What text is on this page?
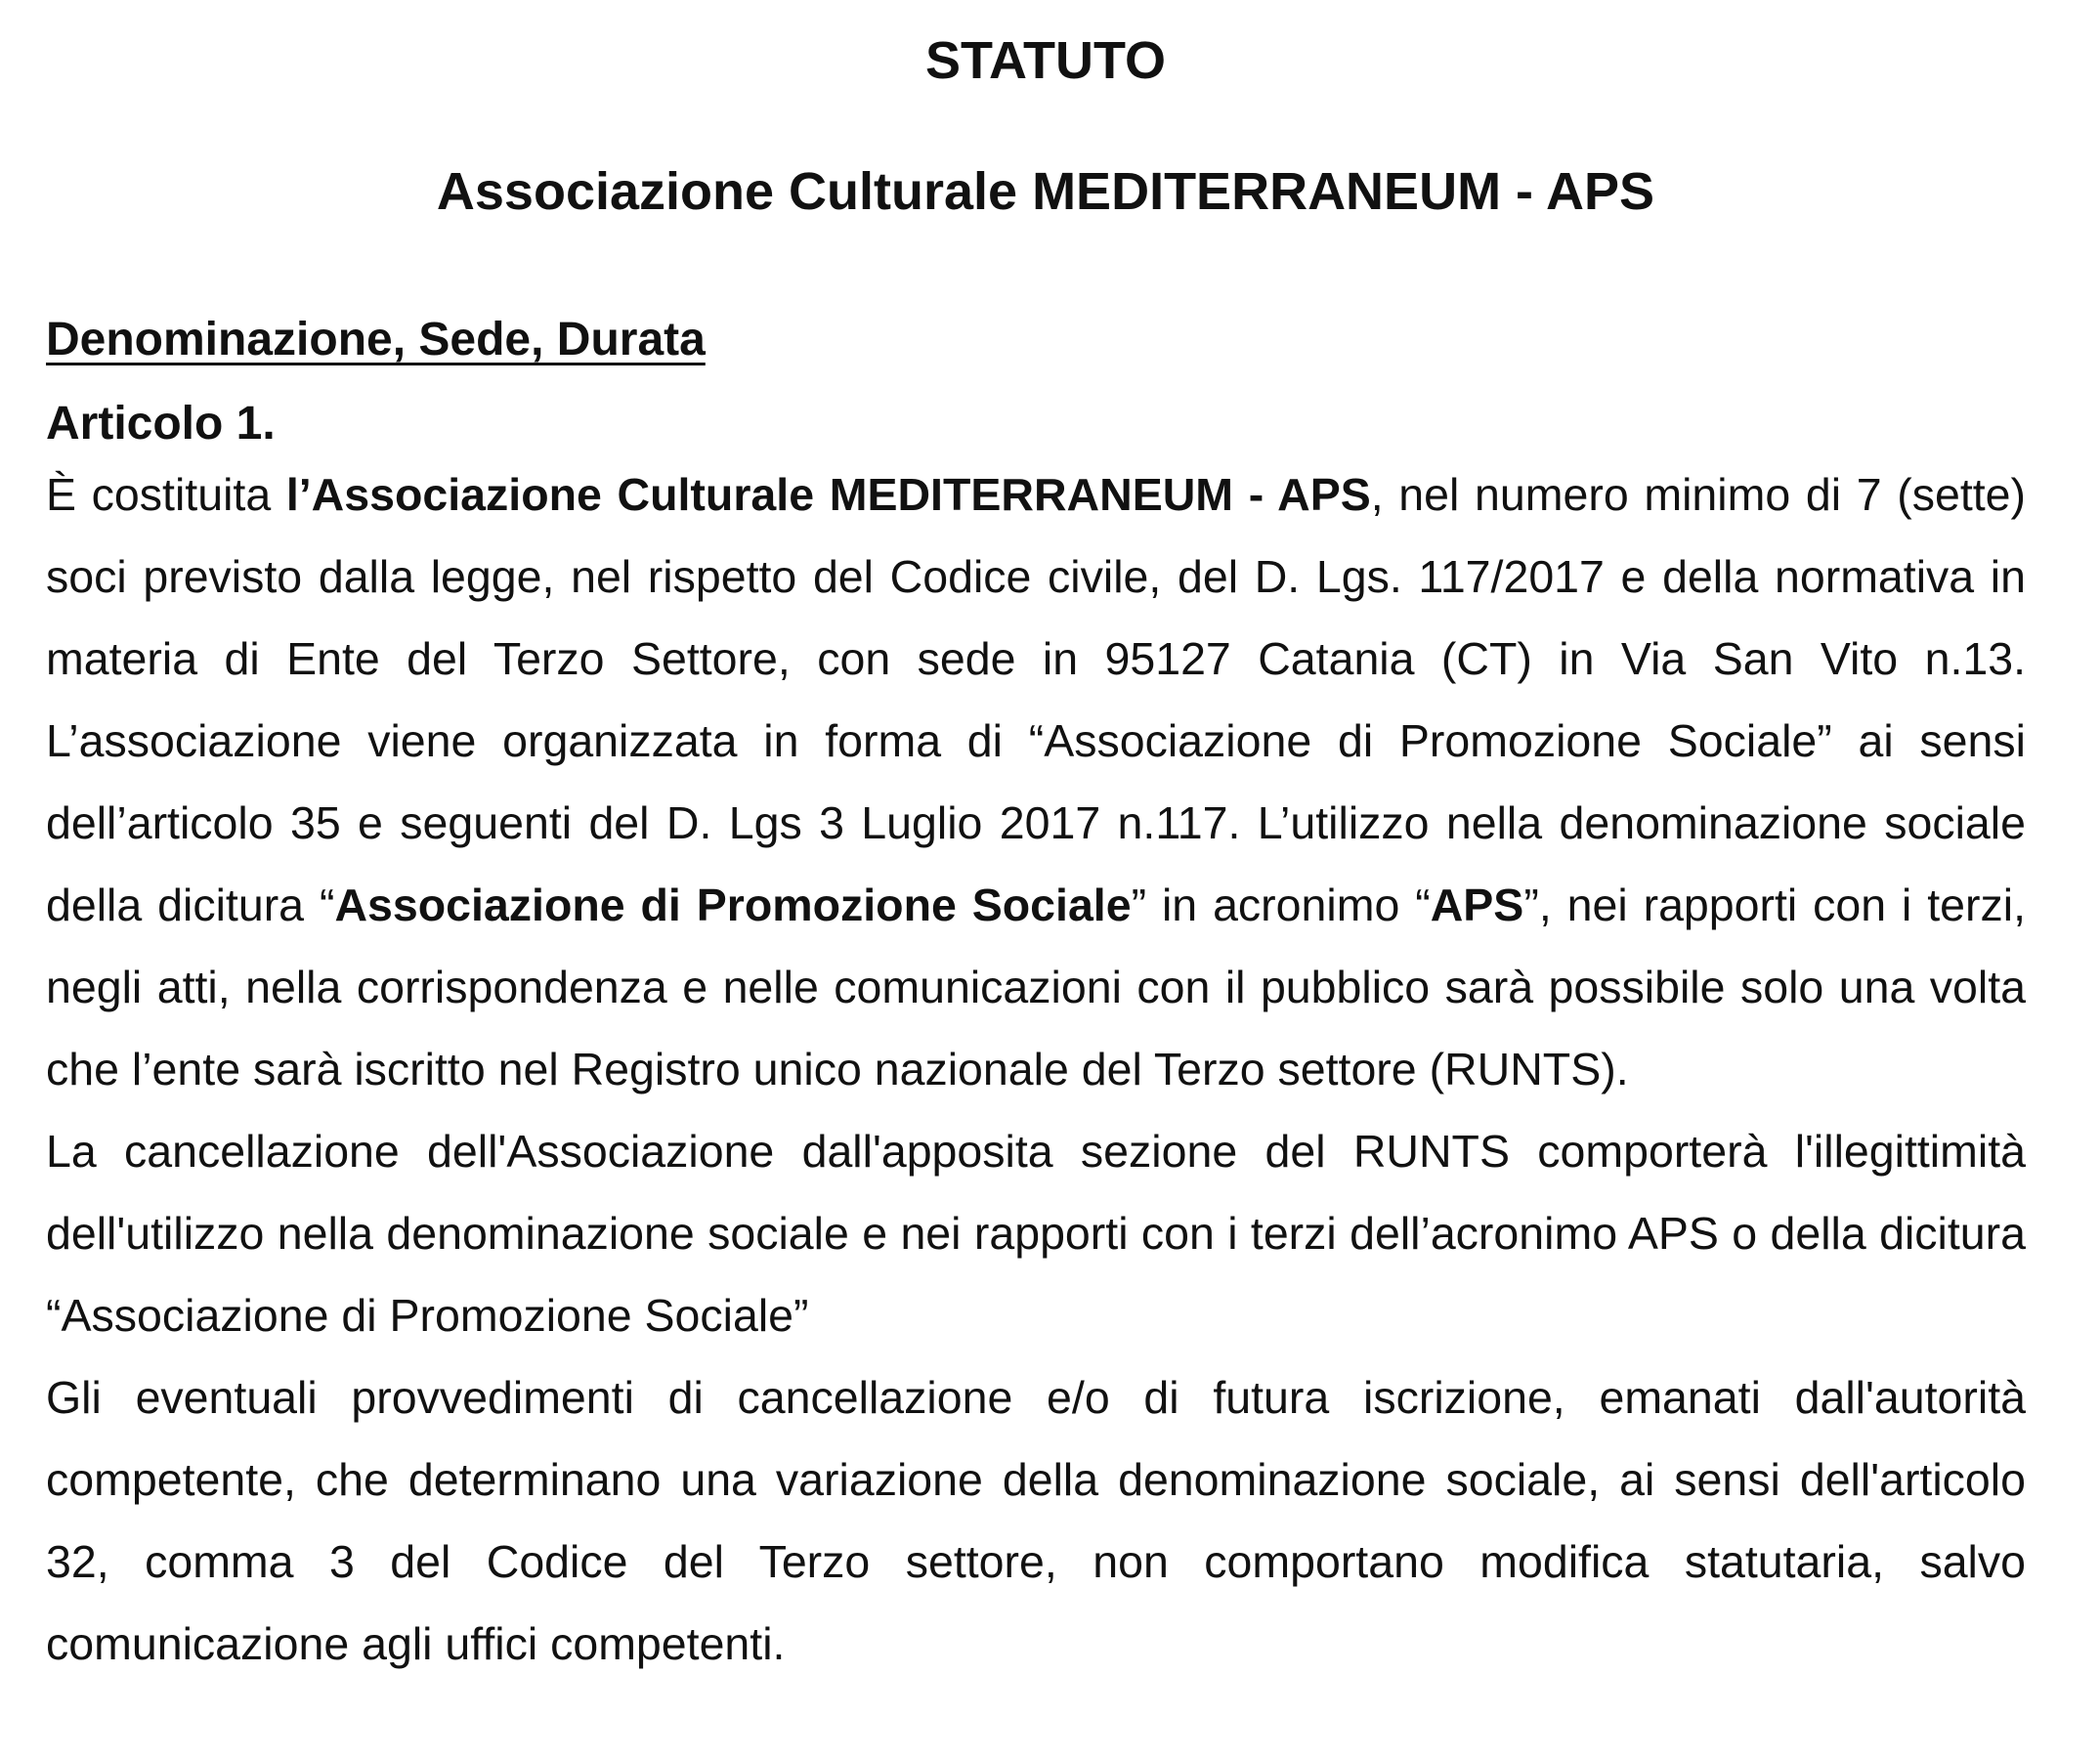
STATUTO
Associazione Culturale MEDITERRANEUM - APS
Denominazione, Sede, Durata
Articolo 1.

È costituita l’Associazione Culturale MEDITERRANEUM - APS, nel numero minimo di 7 (sette) soci previsto dalla legge, nel rispetto del Codice civile, del D. Lgs. 117/2017 e della normativa in materia di Ente del Terzo Settore, con sede in 95127 Catania (CT) in Via San Vito n.13. L’associazione viene organizzata in forma di “Associazione di Promozione Sociale” ai sensi dell’articolo 35 e seguenti del D. Lgs 3 Luglio 2017 n.117. L’utilizzo nella denominazione sociale della dicitura “Associazione di Promozione Sociale” in acronimo “APS”, nei rapporti con i terzi, negli atti, nella corrispondenza e nelle comunicazioni con il pubblico sarà possibile solo una volta che l’ente sarà iscritto nel Registro unico nazionale del Terzo settore (RUNTS).

La cancellazione dell'Associazione dall'apposita sezione del RUNTS comporterà l'illegittimità dell'utilizzo nella denominazione sociale e nei rapporti con i terzi dell’acronimo APS o della dicitura “Associazione di Promozione Sociale”

Gli eventuali provvedimenti di cancellazione e/o di futura iscrizione, emanati dall'autorità competente, che determinano una variazione della denominazione sociale, ai sensi dell'articolo 32, comma 3 del Codice del Terzo settore, non comportano modifica statutaria, salvo comunicazione agli uffici competenti.
